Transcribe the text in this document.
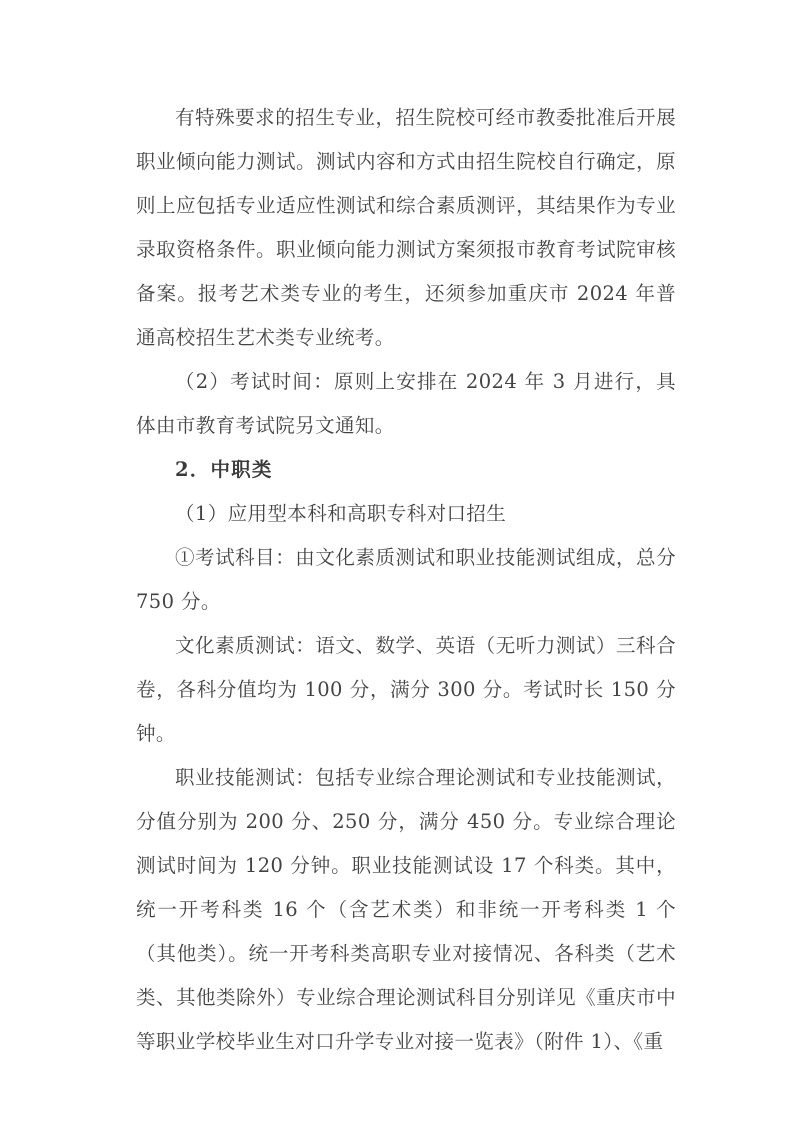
有特殊要求的招生专业，招生院校可经市教委批准后开展职业倾向能力测试。测试内容和方式由招生院校自行确定，原则上应包括专业适应性测试和综合素质测评，其结果作为专业录取资格条件。职业倾向能力测试方案须报市教育考试院审核备案。报考艺术类专业的考生，还须参加重庆市 2024 年普通高校招生艺术类专业统考。

（2）考试时间：原则上安排在 2024 年 3 月进行，具体由市教育考试院另文通知。

2．中职类

（1）应用型本科和高职专科对口招生

①考试科目：由文化素质测试和职业技能测试组成，总分 750 分。

文化素质测试：语文、数学、英语（无听力测试）三科合卷，各科分值均为 100 分，满分 300 分。考试时长 150 分钟。

职业技能测试：包括专业综合理论测试和专业技能测试，分值分别为 200 分、250 分，满分 450 分。专业综合理论测试时间为 120 分钟。职业技能测试设 17 个科类。其中，统一开考科类 16 个（含艺术类）和非统一开考科类 1 个（其他类）。统一开考科类高职专业对接情况、各科类（艺术类、其他类除外）专业综合理论测试科目分别详见《重庆市中等职业学校毕业生对口升学专业对接一览表》（附件 1）、《重
